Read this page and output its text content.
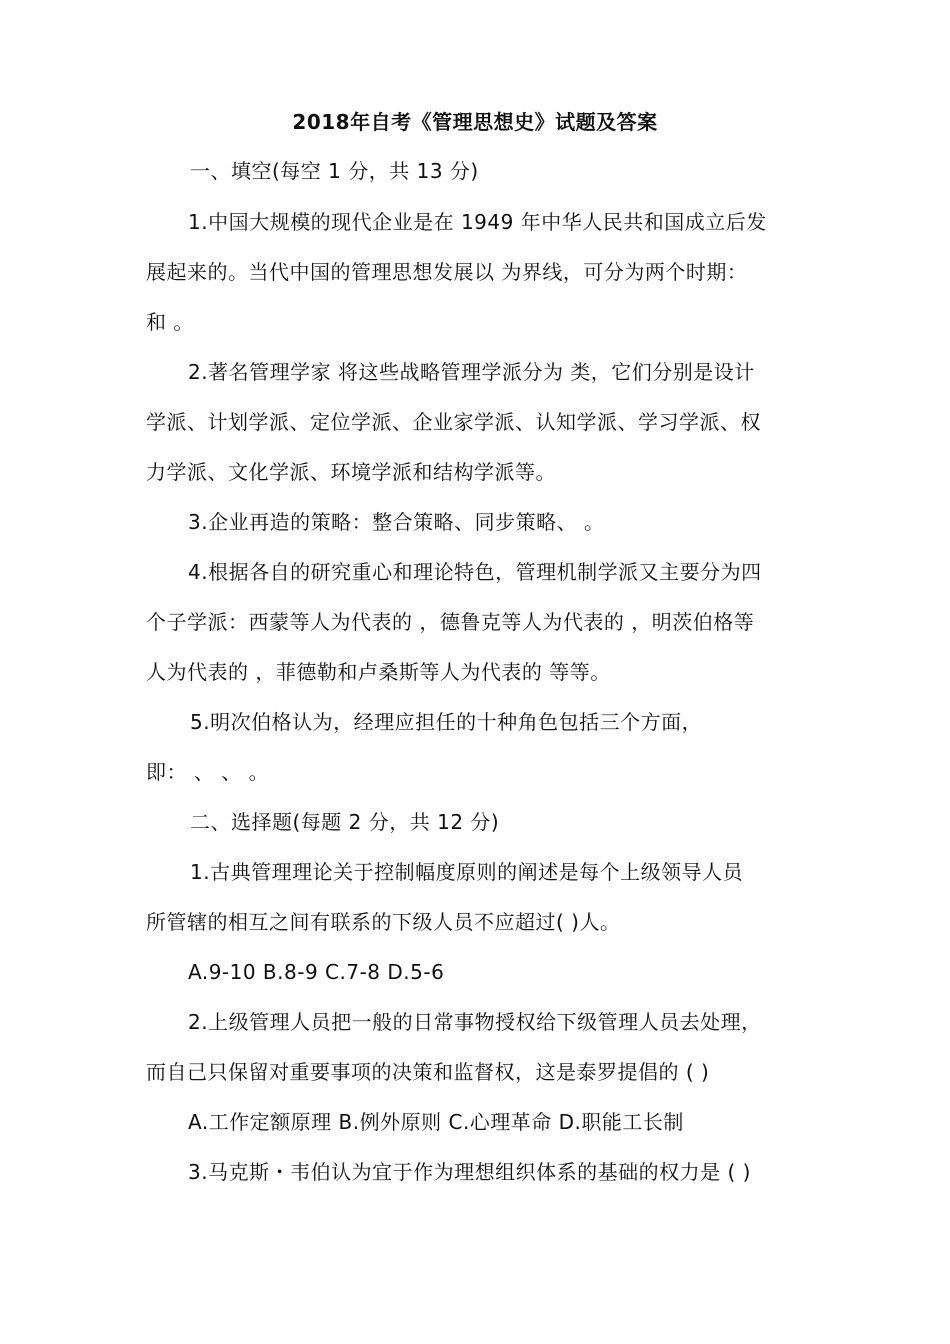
2018年自考《管理思想史》试题及答案
一、填空(每空 1 分，共 13 分)
1.中国大规模的现代企业是在 1949 年中华人民共和国成立后发
展起来的。当代中国的管理思想发展以 为界线，可分为两个时期：
和 。
2.著名管理学家 将这些战略管理学派分为 类，它们分别是设计
学派、计划学派、定位学派、企业家学派、认知学派、学习学派、权
力学派、文化学派、环境学派和结构学派等。
3.企业再造的策略：整合策略、同步策略、 。
4.根据各自的研究重心和理论特色，管理机制学派又主要分为四
个子学派：西蒙等人为代表的 ，德鲁克等人为代表的 ，明茨伯格等
人为代表的 ，菲德勒和卢桑斯等人为代表的 等等。
5.明次伯格认为，经理应担任的十种角色包括三个方面，
即： 、 、 。
二、选择题(每题 2 分，共 12 分)
1.古典管理理论关于控制幅度原则的阐述是每个上级领导人员
所管辖的相互之间有联系的下级人员不应超过( )人。
A.9-10 B.8-9 C.7-8 D.5-6
2.上级管理人员把一般的日常事物授权给下级管理人员去处理，
而自己只保留对重要事项的决策和监督权，这是泰罗提倡的 ( )
A.工作定额原理 B.例外原则 C.心理革命 D.职能工长制
3.马克斯・韦伯认为宜于作为理想组织体系的基础的权力是 ( )
